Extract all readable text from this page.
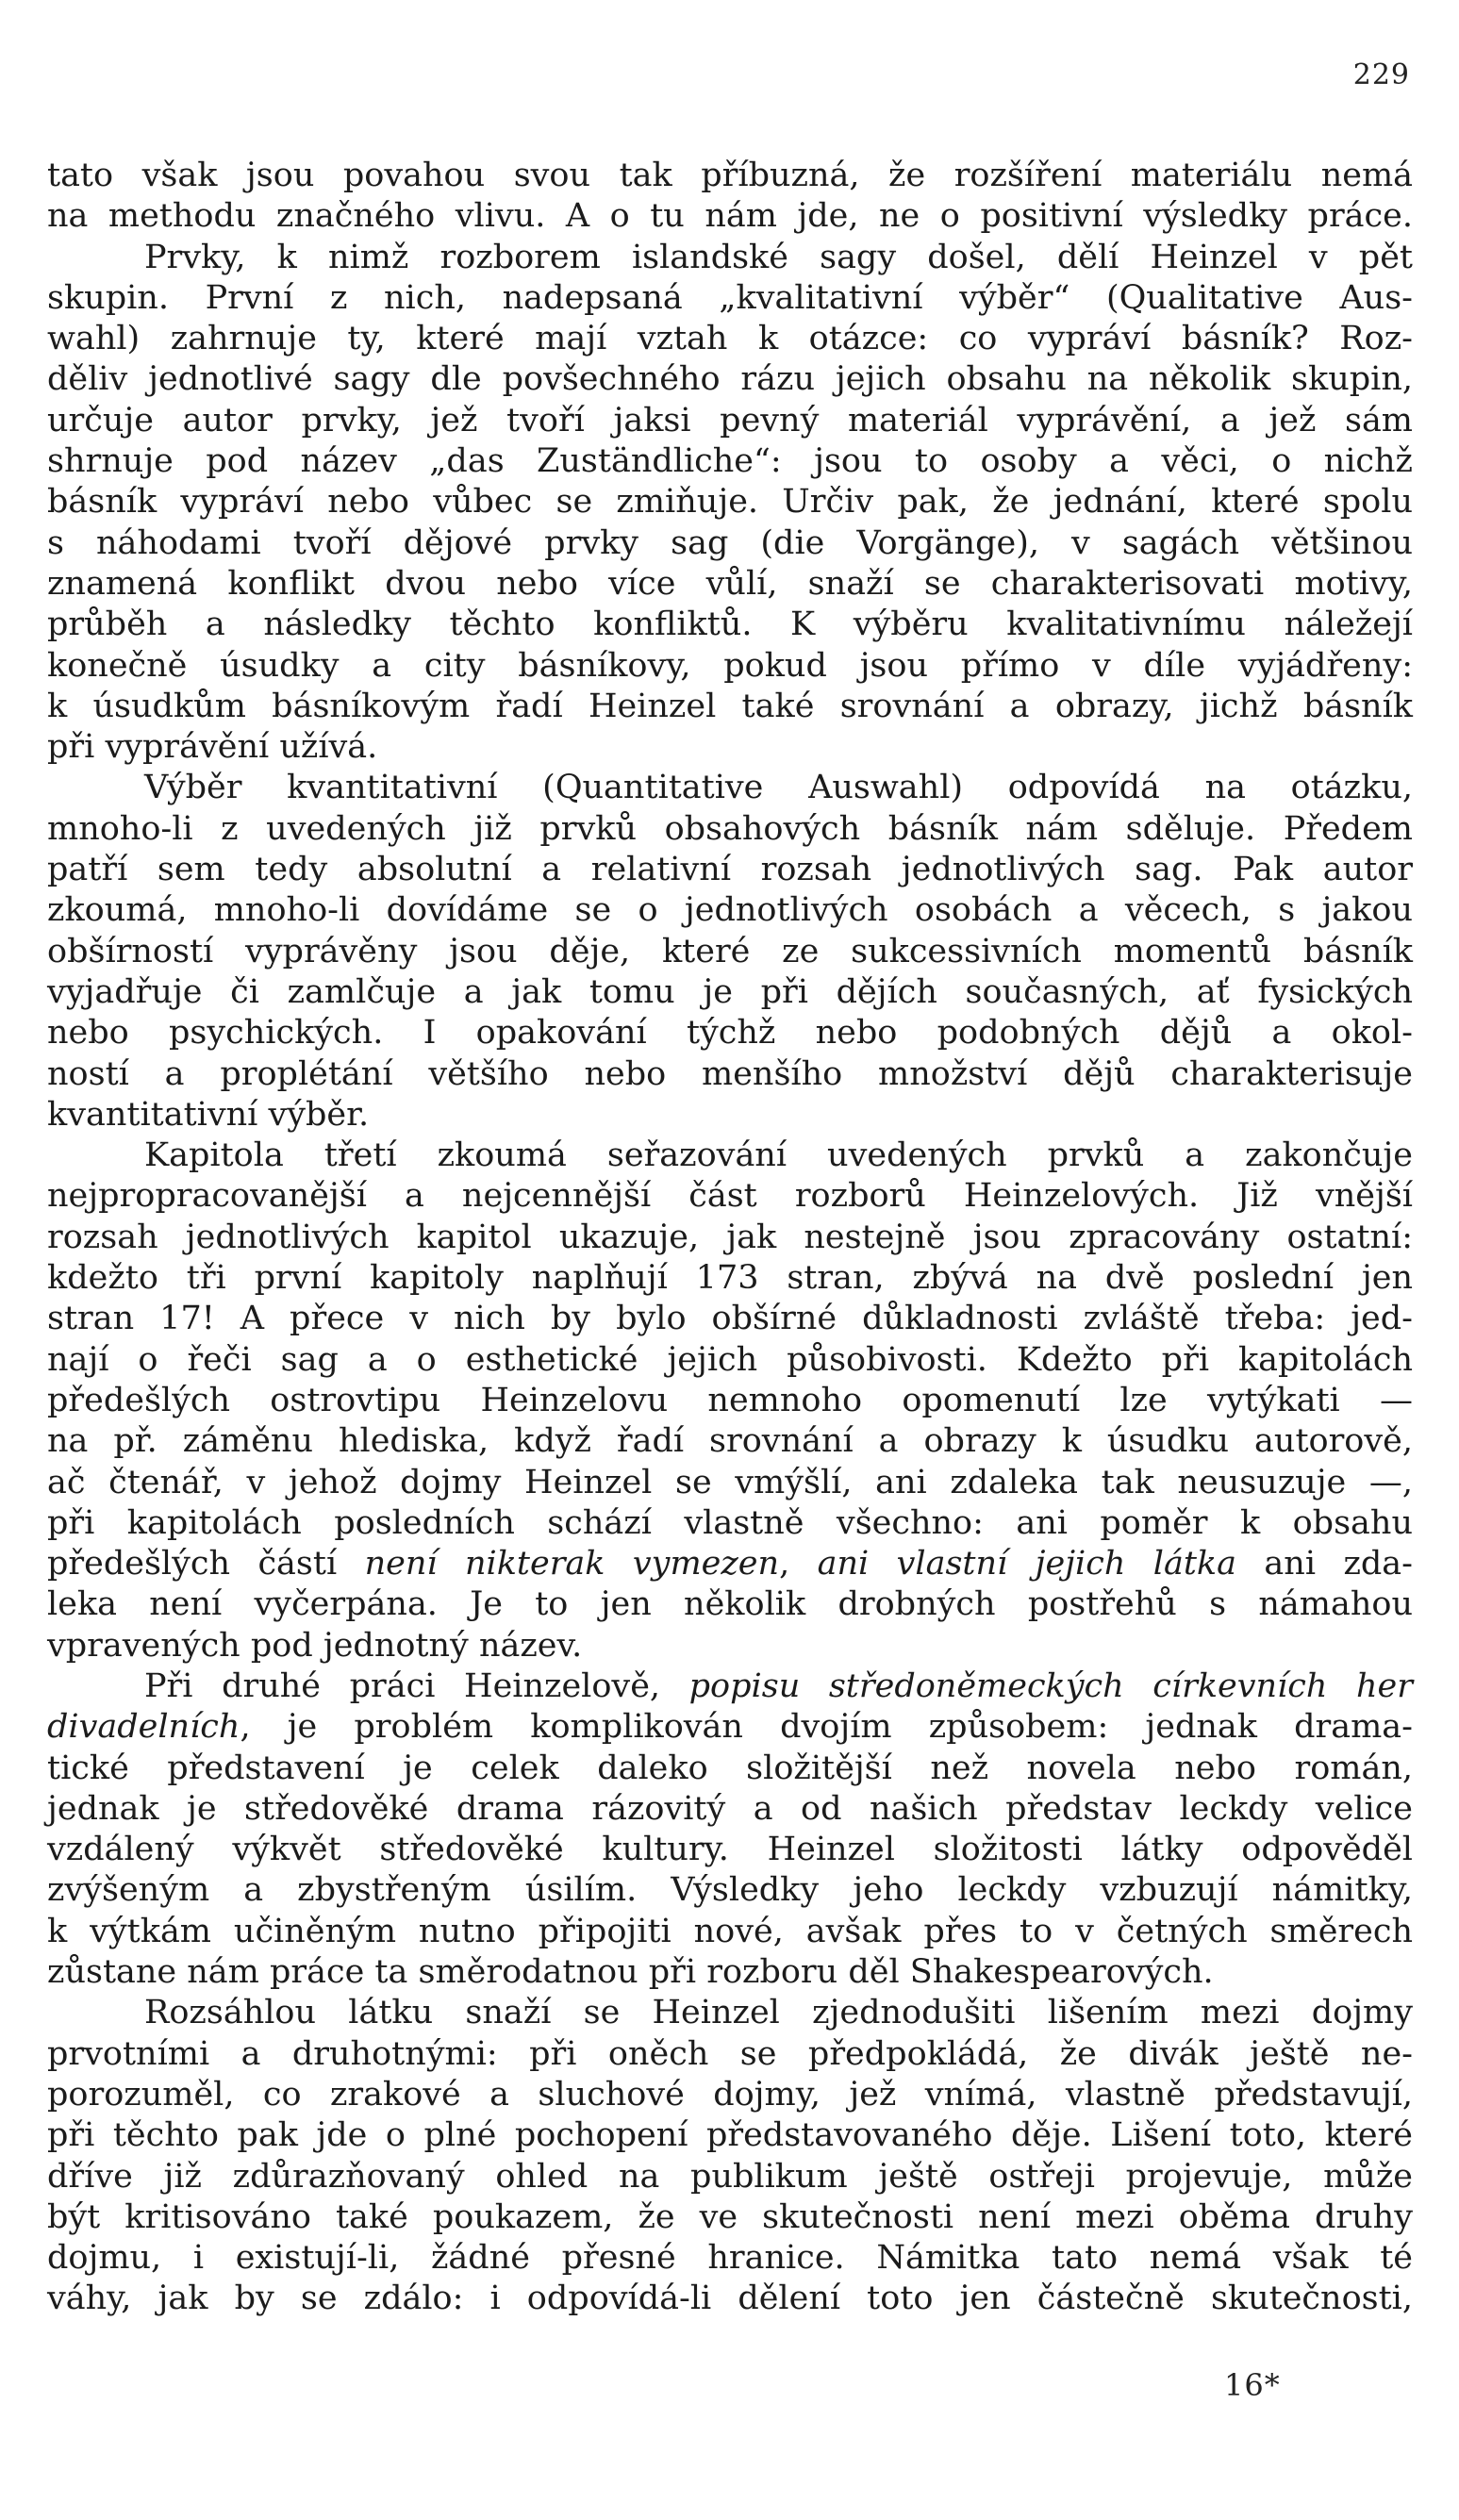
229
tato však jsou povahou svou tak příbuzná, že rozšíření materiálu nemá
na methodu značného vlivu. A o tu nám jde, ne o positivní výsledky práce.
Prvky, k nimž rozborem islandské sagy došel, dělí Heinzel v pět
skupin. První z nich, nadepsaná „kvalitativní výběr“ (Qualitative Aus-
wahl) zahrnuje ty, které mají vztah k otázce: co vypráví básník? Roz-
děliv jednotlivé sagy dle povšechného rázu jejich obsahu na několik skupin,
určuje autor prvky, jež tvoří jaksi pevný materiál vyprávění, a jež sám
shrnuje pod název „das Zuständliche“: jsou to osoby a věci, o nichž
básník vypráví nebo vůbec se zmiňuje. Určiv pak, že jednání, které spolu
s náhodami tvoří dějové prvky sag (die Vorgänge), v sagách většinou
znamená konflikt dvou nebo více vůlí, snaží se charakterisovati motivy,
průběh a následky těchto konfliktů. K výběru kvalitativnímu náležejí
konečně úsudky a city básníkovy, pokud jsou přímo v díle vyjádřeny:
k úsudkům básníkovým řadí Heinzel také srovnání a obrazy, jichž básník
při vyprávění užívá.
Výběr kvantitativní (Quantitative Auswahl) odpovídá na otázku,
mnoho-li z uvedených již prvků obsahových básník nám sděluje. Předem
patří sem tedy absolutní a relativní rozsah jednotlivých sag. Pak autor
zkoumá, mnoho-li dovídáme se o jednotlivých osobách a věcech, s jakou
obšírností vyprávěny jsou děje, které ze sukcessivních momentů básník
vyjadřuje či zamlčuje a jak tomu je při dějích současných, ať fysických
nebo psychických. I opakování týchž nebo podobných dějů a okol-
ností a proplétání většího nebo menšího množství dějů charakterisuje
kvantitativní výběr.
Kapitola třetí zkoumá seřazování uvedených prvků a zakončuje
nejpropracovanější a nejcennější část rozborů Heinzelových. Již vnější
rozsah jednotlivých kapitol ukazuje, jak nestejně jsou zpracovány ostatní:
kdežto tři první kapitoly naplňují 173 stran, zbývá na dvě poslední jen
stran 17! A přece v nich by bylo obšírné důkladnosti zvláště třeba: jed-
nají o řeči sag a o esthetické jejich působivosti. Kdežto při kapitolách
předešlých ostrovtipu Heinzelovu nemnoho opomenutí lze vytýkati —
na př. záměnu hlediska, když řadí srovnání a obrazy k úsudku autorově,
ač čtenář, v jehož dojmy Heinzel se vmýšlí, ani zdaleka tak neusuzuje —,
při kapitolách posledních schází vlastně všechno: ani poměr k obsahu
předešlých částí není nikterak vymezen, ani vlastní jejich látka ani zda-
leka není vyčerpána. Je to jen několik drobných postřehů s námahou
vpravených pod jednotný název.
Při druhé práci Heinzelově, popisu středoněmeckých církevních her
divadelních, je problém komplikován dvojím způsobem: jednak drama-
tické představení je celek daleko složitější než novela nebo román,
jednak je středověké drama rázovitý a od našich představ leckdy velice
vzdálený výkvět středověké kultury. Heinzel složitosti látky odpověděl
zvýšeným a zbystřeným úsilím. Výsledky jeho leckdy vzbuzují námitky,
k výtkám učiněným nutno připojiti nové, avšak přes to v četných směrech
zůstane nám práce ta směrodatnou při rozboru děl Shakespearových.
Rozsáhlou látku snaží se Heinzel zjednodušiti lišením mezi dojmy
prvotními a druhotnými: při oněch se předpokládá, že divák ještě ne-
porozuměl, co zrakové a sluchové dojmy, jež vnímá, vlastně představují,
při těchto pak jde o plné pochopení představovaného děje. Lišení toto, které
dříve již zdůrazňovaný ohled na publikum ještě ostřeji projevuje, může
být kritisováno také poukazem, že ve skutečnosti není mezi oběma druhy
dojmu, i existují-li, žádné přesné hranice. Námitka tato nemá však té
váhy, jak by se zdálo: i odpovídá-li dělení toto jen částečně skutečnosti,
16*
